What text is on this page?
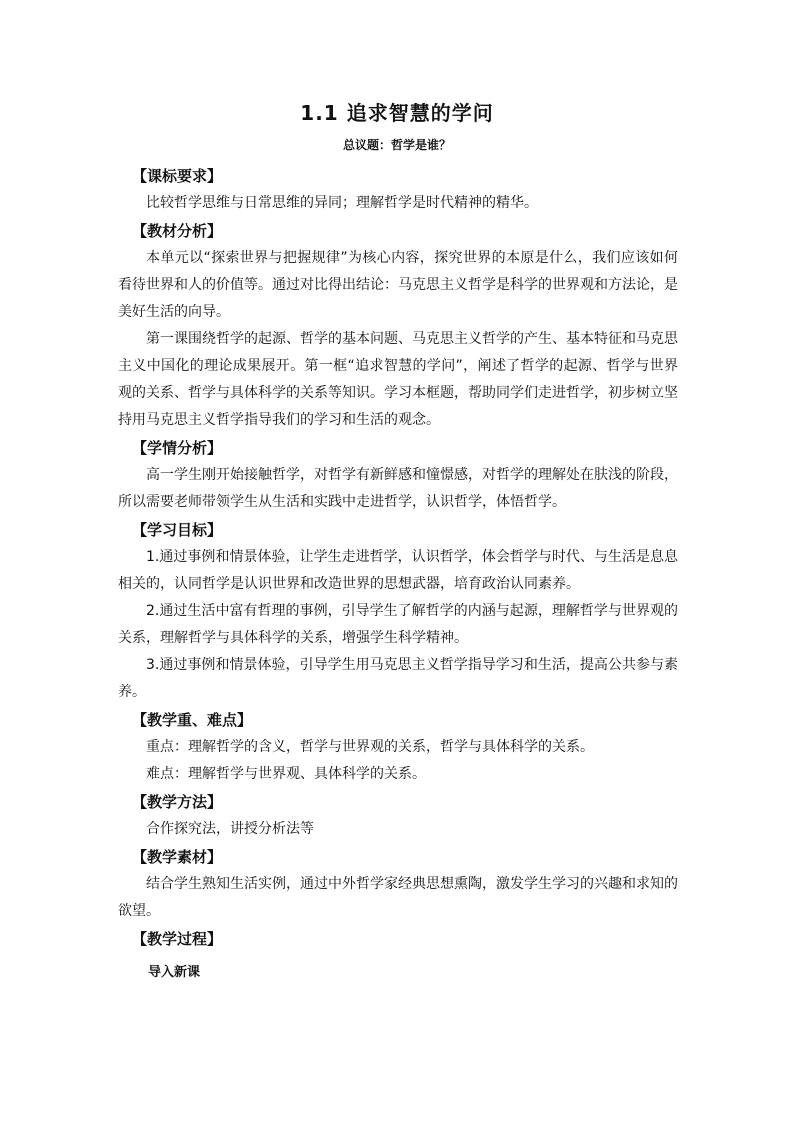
1.1 追求智慧的学问
总议题：哲学是谁？
【课标要求】
比较哲学思维与日常思维的异同；理解哲学是时代精神的精华。
【教材分析】
本单元以“探索世界与把握规律”为核心内容，探究世界的本原是什么，我们应该如何看待世界和人的价值等。通过对比得出结论：马克思主义哲学是科学的世界观和方法论，是美好生活的向导。
第一课围绕哲学的起源、哲学的基本问题、马克思主义哲学的产生、基本特征和马克思主义中国化的理论成果展开。第一框“追求智慧的学问”，阐述了哲学的起源、哲学与世界观的关系、哲学与具体科学的关系等知识。学习本框题，帮助同学们走进哲学，初步树立坚持用马克思主义哲学指导我们的学习和生活的观念。
【学情分析】
高一学生刚开始接触哲学，对哲学有新鲜感和憧憬感，对哲学的理解处在肤浅的阶段，所以需要老师带领学生从生活和实践中走进哲学，认识哲学，体悟哲学。
【学习目标】
1.通过事例和情景体验，让学生走进哲学，认识哲学，体会哲学与时代、与生活是息息相关的，认同哲学是认识世界和改造世界的思想武器，培育政治认同素养。
2.通过生活中富有哲理的事例，引导学生了解哲学的内涵与起源，理解哲学与世界观的关系，理解哲学与具体科学的关系，增强学生科学精神。
3.通过事例和情景体验，引导学生用马克思主义哲学指导学习和生活，提高公共参与素养。
【教学重、难点】
重点：理解哲学的含义，哲学与世界观的关系，哲学与具体科学的关系。
难点：理解哲学与世界观、具体科学的关系。
【教学方法】
合作探究法，讲授分析法等
【教学素材】
结合学生熟知生活实例，通过中外哲学家经典思想熏陶，激发学生学习的兴趣和求知的欲望。
【教学过程】
导入新课
